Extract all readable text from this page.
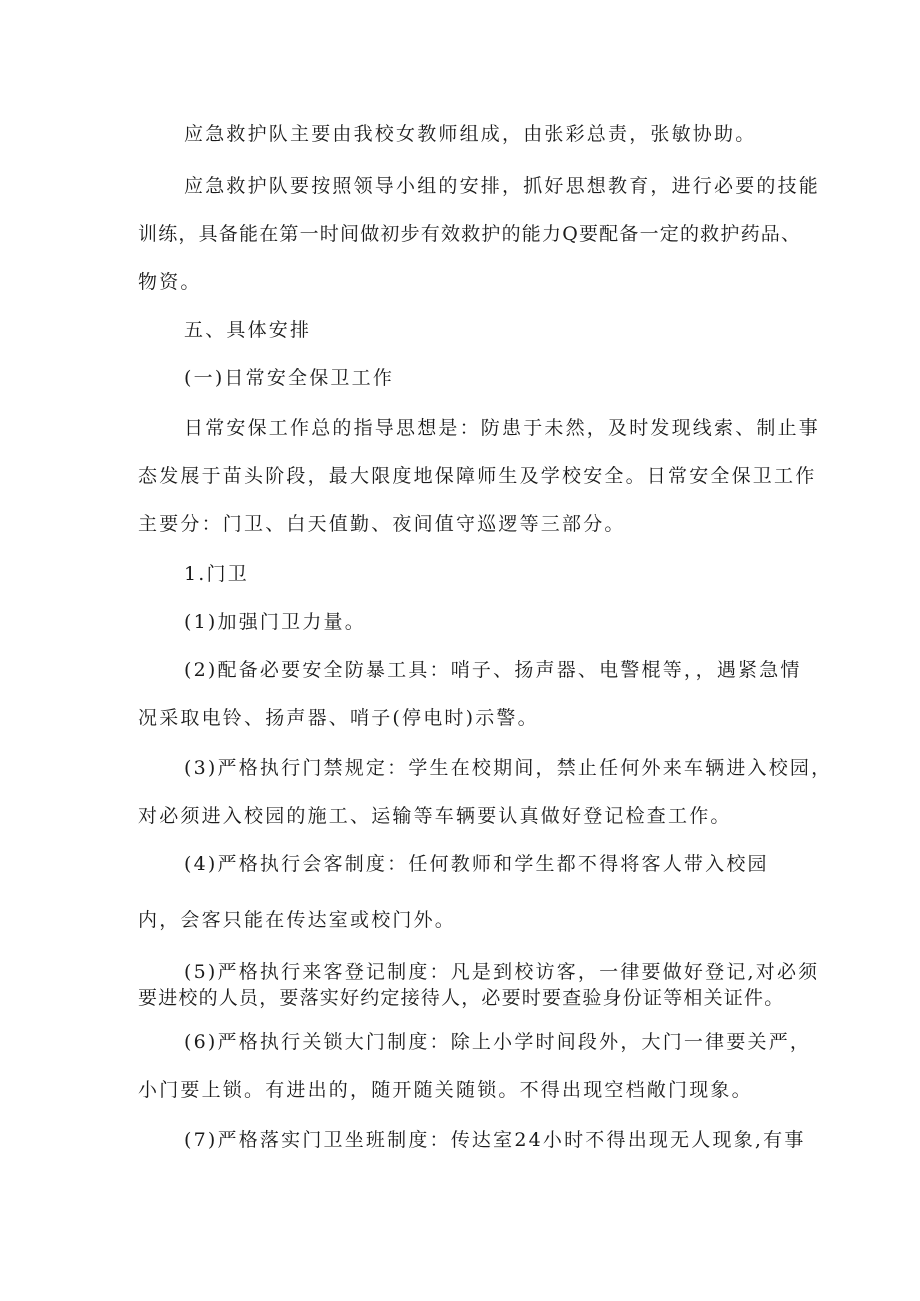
应急救护队主要由我校女教师组成，由张彩总责，张敏协助。

应急救护队要按照领导小组的安排，抓好思想教育，进行必要的技能

训练，具备能在第一时间做初步有效救护的能力Q要配备一定的救护药品、

物资。

五、具体安排

(一)日常安全保卫工作

日常安保工作总的指导思想是：防患于未然，及时发现线索、制止事

态发展于苗头阶段，最大限度地保障师生及学校安全。日常安全保卫工作

主要分：门卫、白天值勤、夜间值守巡逻等三部分。

1.门卫

(1)加强门卫力量。

(2)配备必要安全防暴工具：哨子、扬声器、电警棍等，，遇紧急情

况采取电铃、扬声器、哨子(停电时)示警。

(3)严格执行门禁规定：学生在校期间，禁止任何外来车辆进入校园，

对必须进入校园的施工、运输等车辆要认真做好登记检查工作。

(4)严格执行会客制度：任何教师和学生都不得将客人带入校园

内，会客只能在传达室或校门外。

(5)严格执行来客登记制度：凡是到校访客，一律要做好登记,对必须

要进校的人员，要落实好约定接待人，必要时要查验身份证等相关证件。

(6)严格执行关锁大门制度：除上小学时间段外，大门一律要关严，

小门要上锁。有进出的，随开随关随锁。不得出现空档敞门现象。

(7)严格落实门卫坐班制度：传达室24小时不得出现无人现象,有事
